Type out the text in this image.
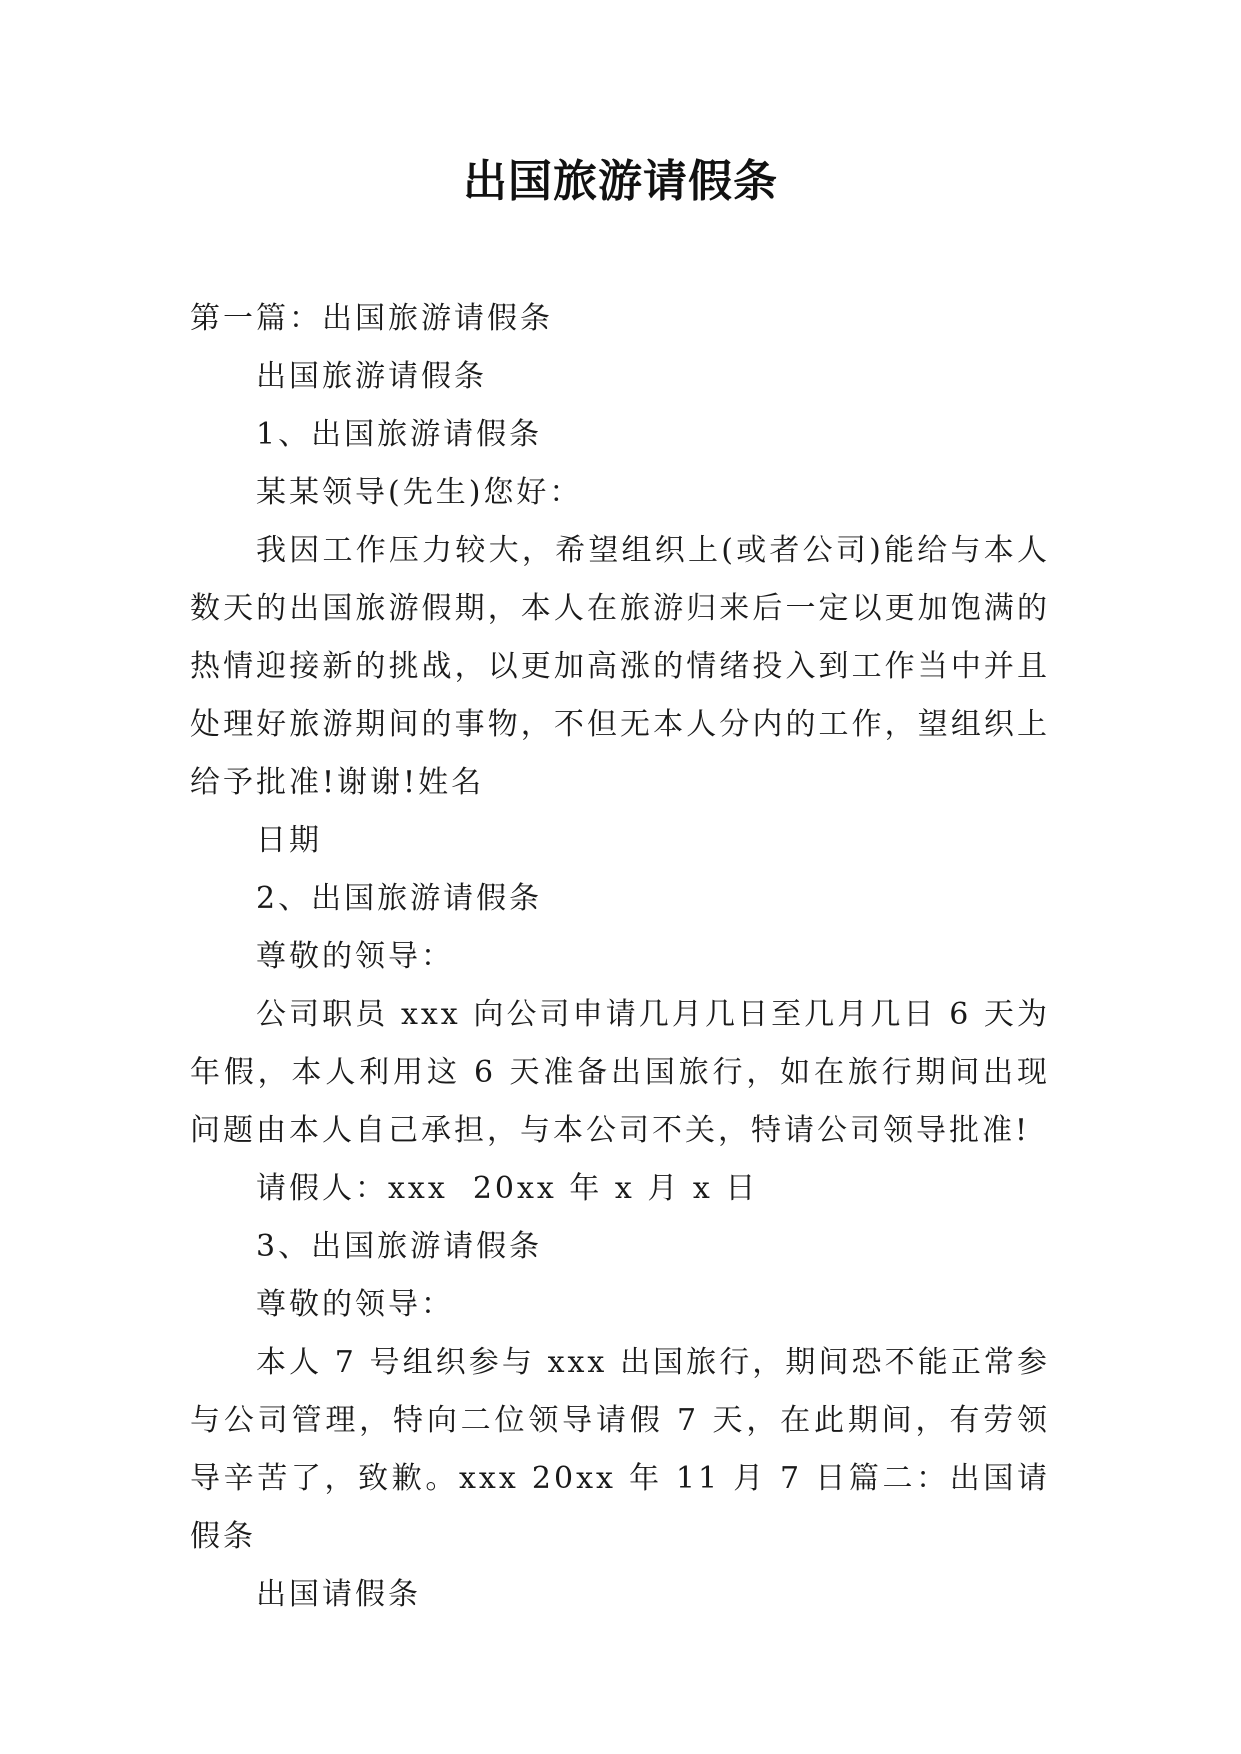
出国旅游请假条
第一篇：出国旅游请假条
出国旅游请假条
1、出国旅游请假条
某某领导(先生)您好：
我因工作压力较大，希望组织上(或者公司)能给与本人数天的出国旅游假期，本人在旅游归来后一定以更加饱满的热情迎接新的挑战，以更加高涨的情绪投入到工作当中并且处理好旅游期间的事物，不但无本人分内的工作，望组织上给予批准!谢谢!姓名
日期
2、出国旅游请假条
尊敬的领导：
公司职员 xxx 向公司申请几月几日至几月几日 6 天为年假，本人利用这 6 天准备出国旅行，如在旅行期间出现问题由本人自己承担，与本公司不关，特请公司领导批准!
请假人：xxx  20xx 年 x 月 x 日
3、出国旅游请假条
尊敬的领导：
本人 7 号组织参与 xxx 出国旅行，期间恐不能正常参与公司管理，特向二位领导请假 7 天，在此期间，有劳领导辛苦了，致歉。xxx 20xx 年 11 月 7 日篇二：出国请假条
出国请假条
